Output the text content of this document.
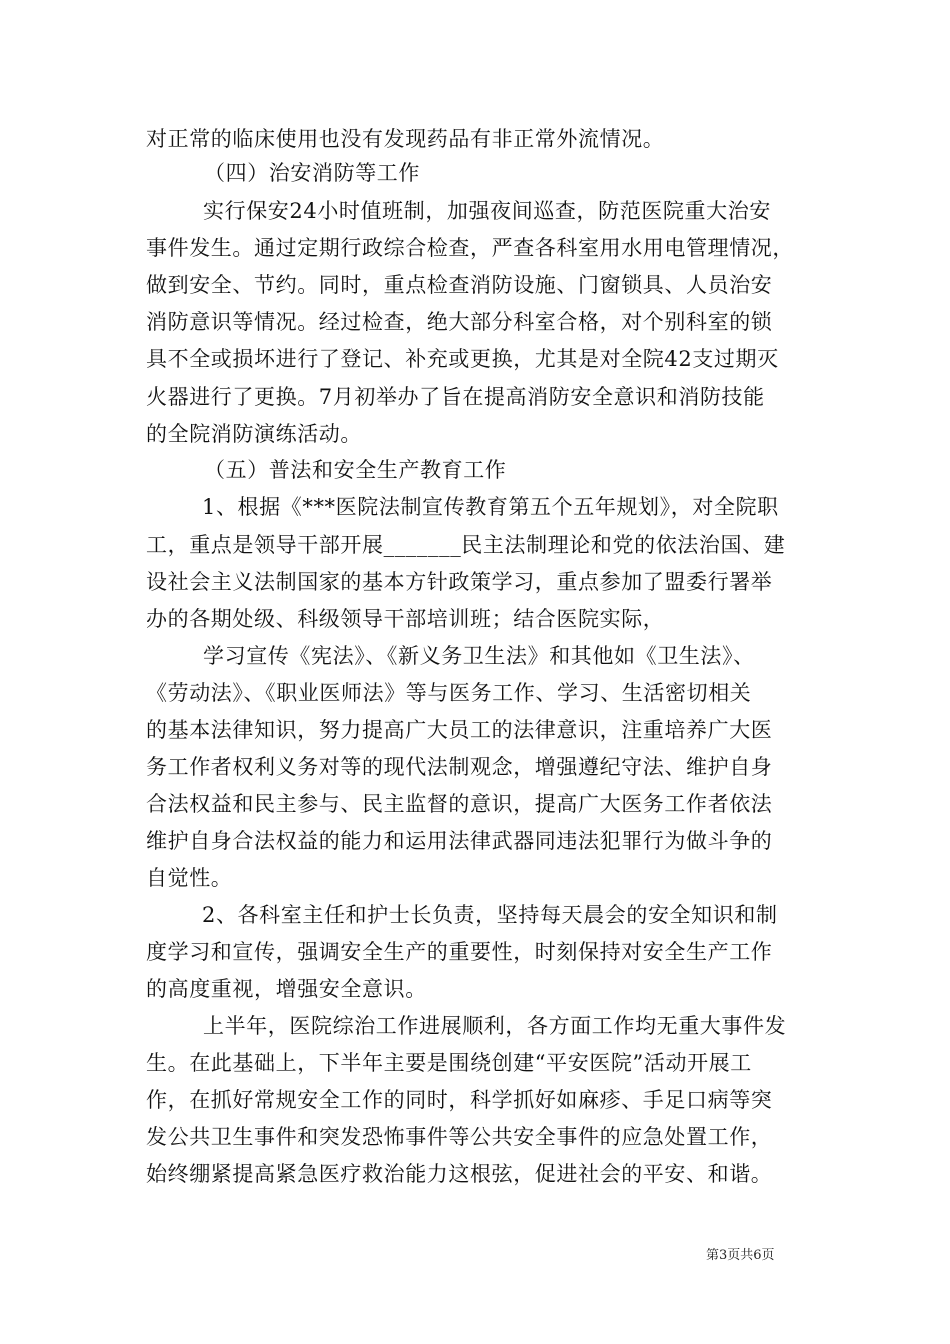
对正常的临床使用也没有发现药品有非正常外流情况。
（四）治安消防等工作
实行保安24小时值班制，加强夜间巡查，防范医院重大治安
事件发生。通过定期行政综合检查，严查各科室用水用电管理情况，
做到安全、节约。同时，重点检查消防设施、门窗锁具、人员治安
消防意识等情况。经过检查，绝大部分科室合格，对个别科室的锁
具不全或损坏进行了登记、补充或更换，尤其是对全院42支过期灭
火器进行了更换。7月初举办了旨在提高消防安全意识和消防技能
的全院消防演练活动。
（五）普法和安全生产教育工作
1、根据《***医院法制宣传教育第五个五年规划》，对全院职
工，重点是领导干部开展_______民主法制理论和党的依法治国、建
设社会主义法制国家的基本方针政策学习，重点参加了盟委行署举
办的各期处级、科级领导干部培训班；结合医院实际，
学习宣传《宪法》、《新义务卫生法》和其他如《卫生法》、
《劳动法》、《职业医师法》等与医务工作、学习、生活密切相关
的基本法律知识，努力提高广大员工的法律意识，注重培养广大医
务工作者权利义务对等的现代法制观念，增强遵纪守法、维护自身
合法权益和民主参与、民主监督的意识，提高广大医务工作者依法
维护自身合法权益的能力和运用法律武器同违法犯罪行为做斗争的
自觉性。
2、各科室主任和护士长负责，坚持每天晨会的安全知识和制
度学习和宣传，强调安全生产的重要性，时刻保持对安全生产工作
的高度重视，增强安全意识。
上半年，医院综治工作进展顺利，各方面工作均无重大事件发
生。在此基础上，下半年主要是围绕创建“平安医院”活动开展工
作，在抓好常规安全工作的同时，科学抓好如麻疹、手足口病等突
发公共卫生事件和突发恐怖事件等公共安全事件的应急处置工作，
始终绷紧提高紧急医疗救治能力这根弦，促进社会的平安、和谐。
第3页共6页
